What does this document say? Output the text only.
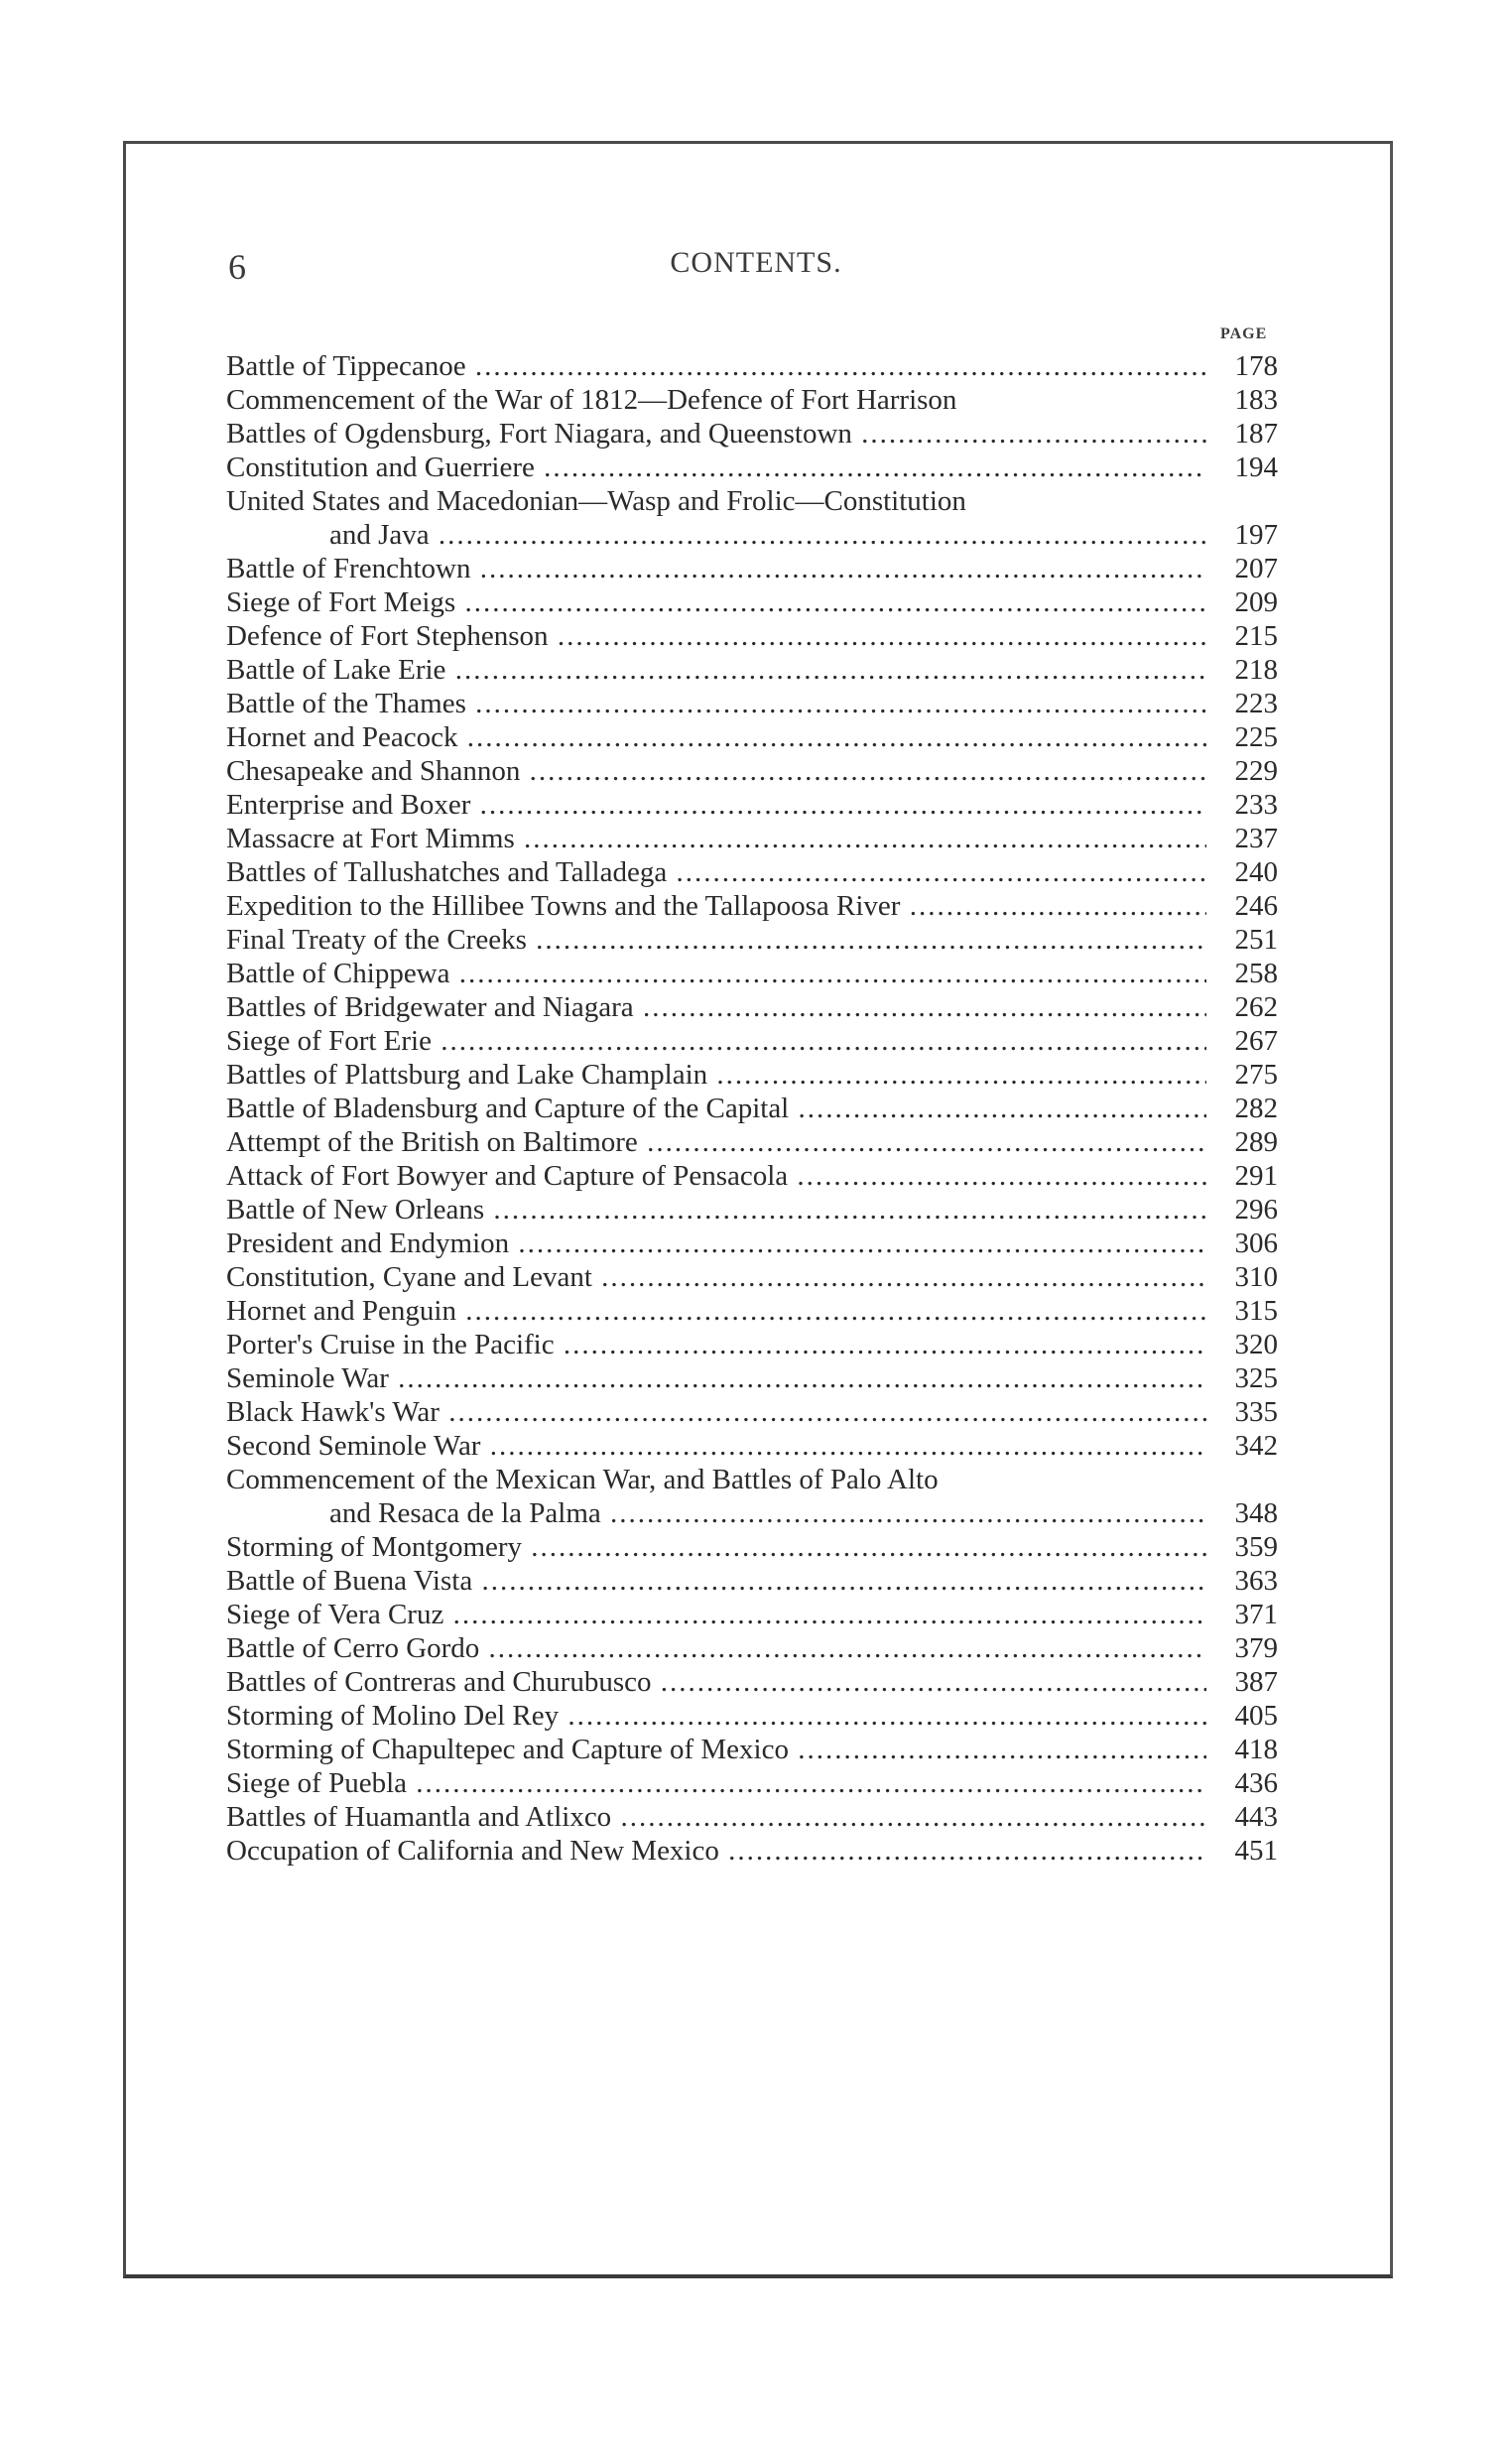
6	CONTENTS.
PAGE
Battle of Tippecanoe .....	178
Commencement of the War of 1812—Defence of Fort Harrison	183
Battles of Ogdensburg, Fort Niagara, and Queenstown .....	187
Constitution and Guerriere .....	194
United States and Macedonian—Wasp and Frolic—Constitution
and Java .....	197
Battle of Frenchtown .....	207
Siege of Fort Meigs .....	209
Defence of Fort Stephenson .....	215
Battle of Lake Erie .....	218
Battle of the Thames .....	223
Hornet and Peacock .....	225
Chesapeake and Shannon .....	229
Enterprise and Boxer .....	233
Massacre at Fort Mimms .....	237
Battles of Tallushatches and Talladega .....	240
Expedition to the Hillibee Towns and the Tallapoosa River .....	246
Final Treaty of the Creeks .....	251
Battle of Chippewa .....	258
Battles of Bridgewater and Niagara .....	262
Siege of Fort Erie .....	267
Battles of Plattsburg and Lake Champlain .....	275
Battle of Bladensburg and Capture of the Capital .....	282
Attempt of the British on Baltimore .....	289
Attack of Fort Bowyer and Capture of Pensacola .....	291
Battle of New Orleans .....	296
President and Endymion .....	306
Constitution, Cyane and Levant .....	310
Hornet and Penguin .....	315
Porter's Cruise in the Pacific .....	320
Seminole War .....	325
Black Hawk's War .....	335
Second Seminole War .....	342
Commencement of the Mexican War, and Battles of Palo Alto
and Resaca de la Palma .....	348
Storming of Montgomery .....	359
Battle of Buena Vista .....	363
Siege of Vera Cruz .....	371
Battle of Cerro Gordo .....	379
Battles of Contreras and Churubusco .....	387
Storming of Molino Del Rey .....	405
Storming of Chapultepec and Capture of Mexico .....	418
Siege of Puebla .....	436
Battles of Huamantla and Atlixco .....	443
Occupation of California and New Mexico .....	451
